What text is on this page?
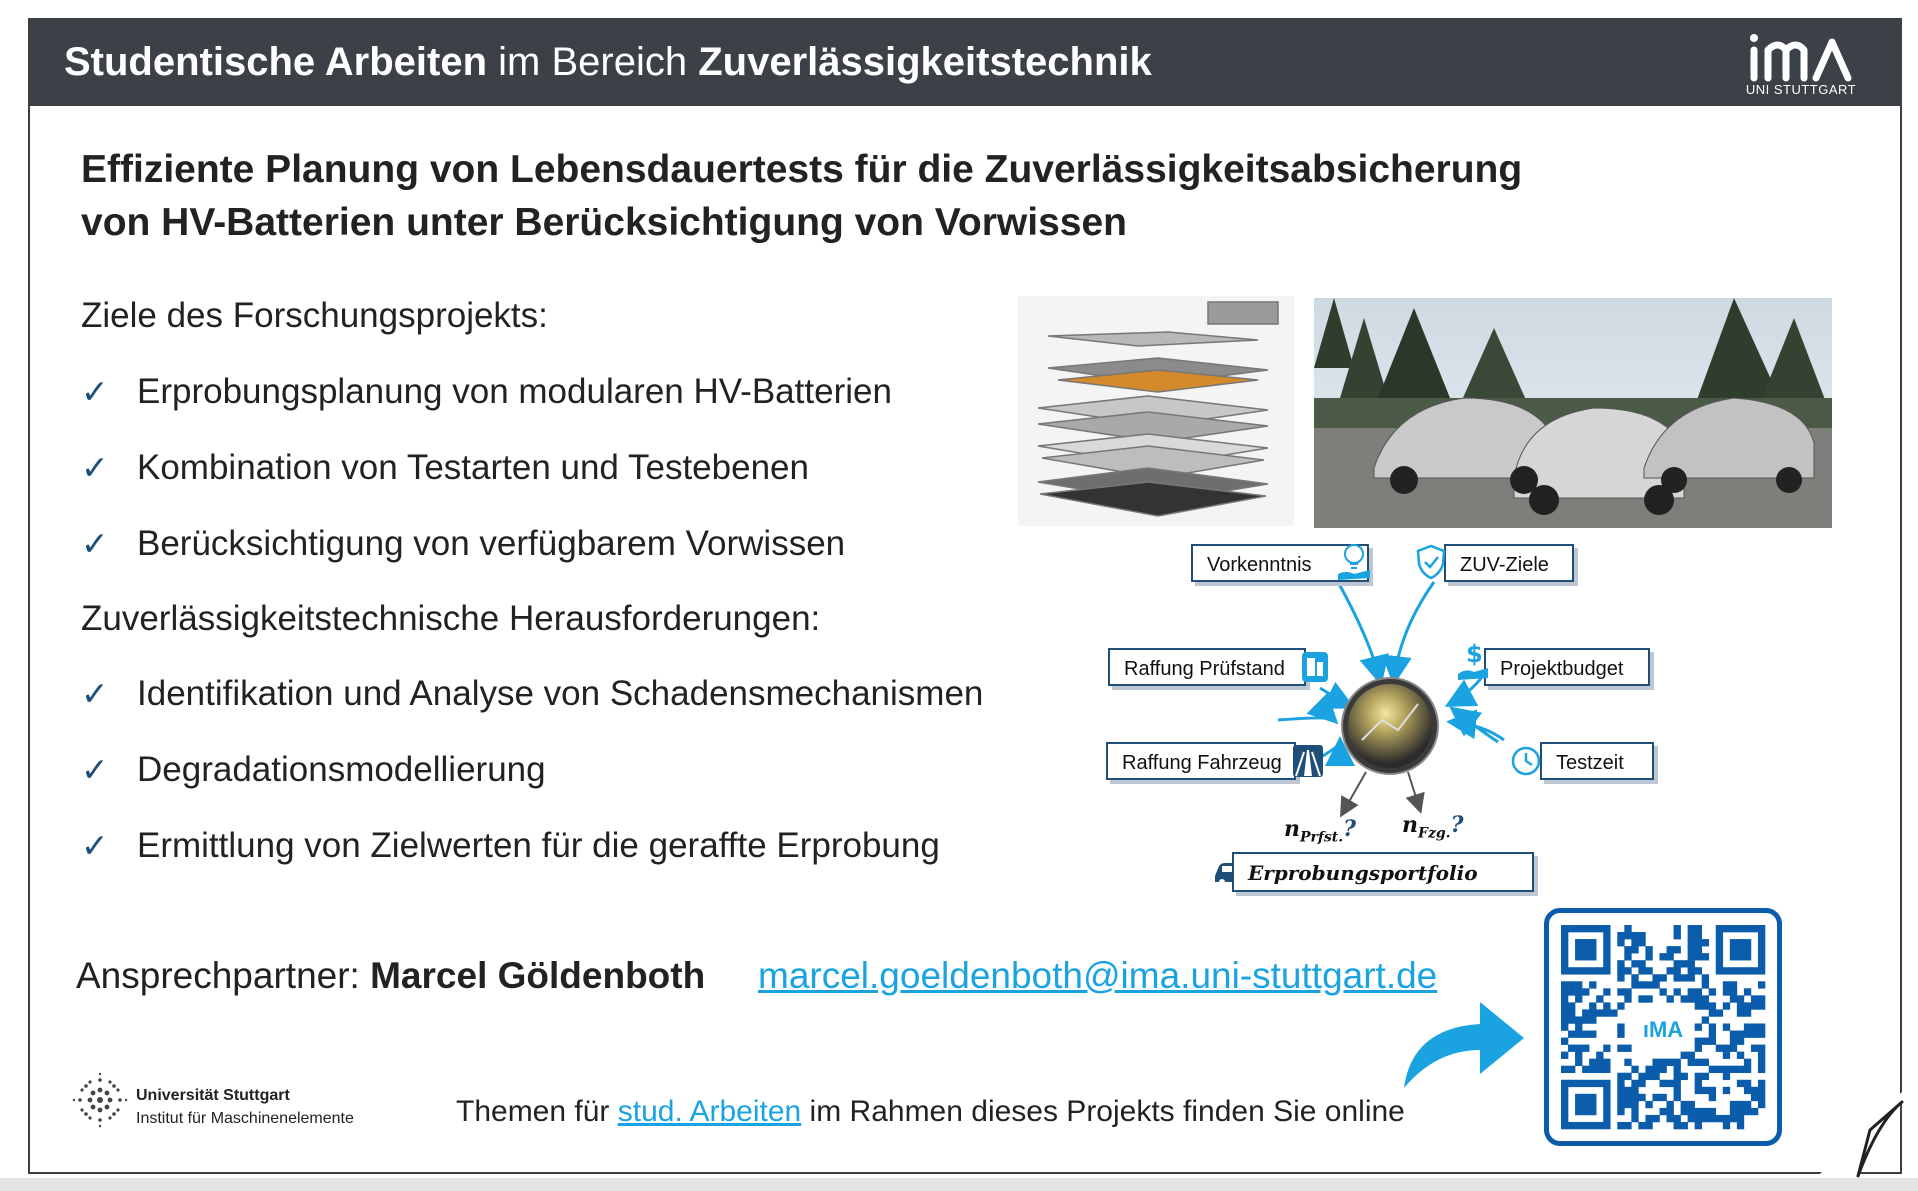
Studentische Arbeiten im Bereich Zuverlässigkeitstechnik
UNI STUTTGART
Effiziente Planung von Lebensdauertests für die Zuverlässigkeitsabsicherung
von HV-Batterien unter Berücksichtigung von Vorwissen
Ziele des Forschungsprojekts:
✓ Erprobungsplanung von modularen HV-Batterien
✓ Kombination von Testarten und Testebenen
✓ Berücksichtigung von verfügbarem Vorwissen
Zuverlässigkeitstechnische Herausforderungen:
✓ Identifikation und Analyse von Schadensmechanismen
✓ Degradationsmodellierung
✓ Ermittlung von Zielwerten für die geraffte Erprobung
Vorkenntnis	ZUV-Ziele
Raffung Prüfstand	Projektbudget
$
Raffung Fahrzeug	Testzeit
$n_{Prfst.}$? $n_{Fzg.}$?
Erprobungsportfolio
Ansprechpartner: Marcel Göldenboth marcel.goeldenboth@ima.uni-stuttgart.de
Universität Stuttgart
Institut für Maschinenelemente	Themen für stud. Arbeiten im Rahmen dieses Projekts finden Sie online
ıMA
